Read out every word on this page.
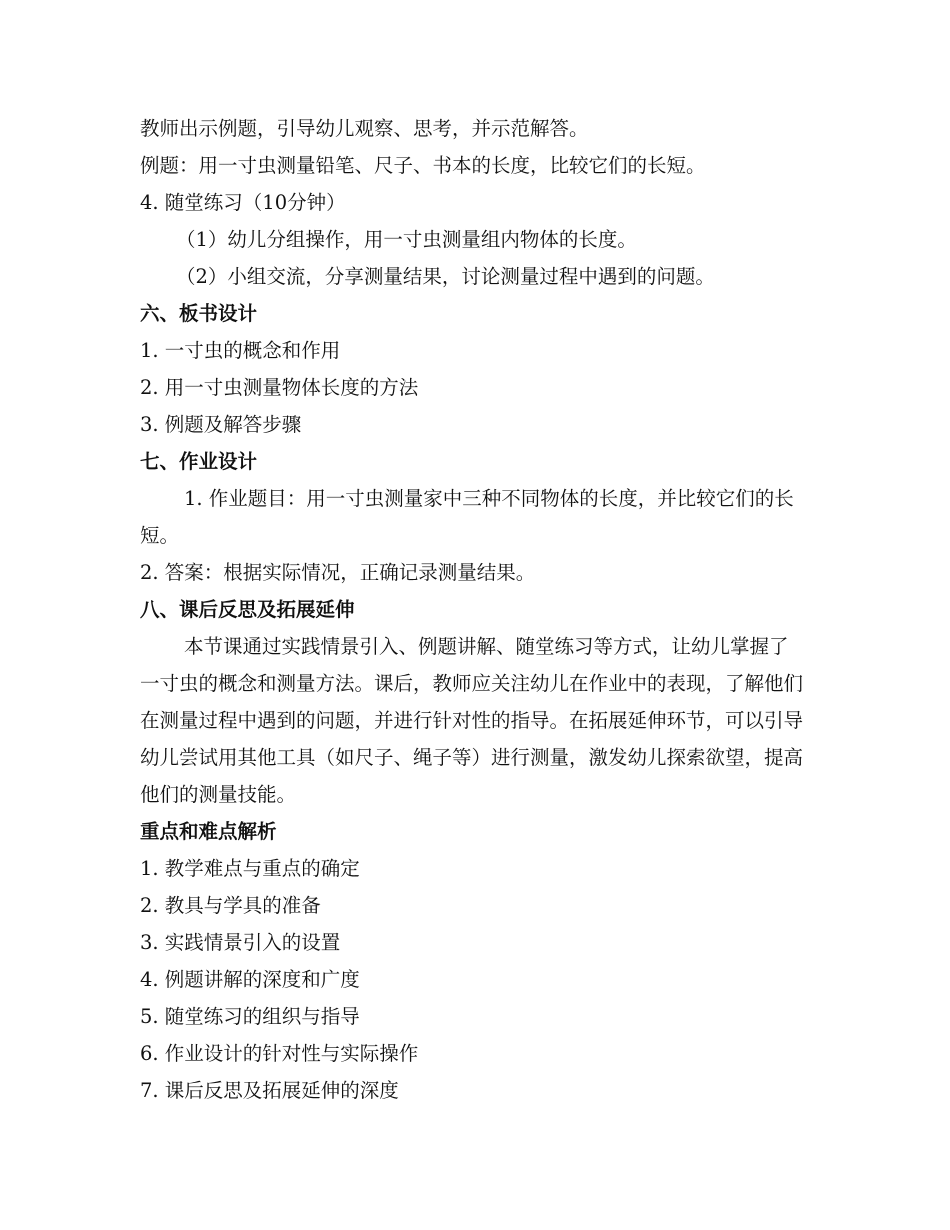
教师出示例题，引导幼儿观察、思考，并示范解答。

例题：用一寸虫测量铅笔、尺子、书本的长度，比较它们的长短。

4. 随堂练习（10分钟）

（1）幼儿分组操作，用一寸虫测量组内物体的长度。

（2）小组交流，分享测量结果，讨论测量过程中遇到的问题。

六、板书设计

1. 一寸虫的概念和作用

2. 用一寸虫测量物体长度的方法

3. 例题及解答步骤

七、作业设计

1. 作业题目：用一寸虫测量家中三种不同物体的长度，并比较它们的长短。

2. 答案：根据实际情况，正确记录测量结果。

八、课后反思及拓展延伸

本节课通过实践情景引入、例题讲解、随堂练习等方式，让幼儿掌握了一寸虫的概念和测量方法。课后，教师应关注幼儿在作业中的表现，了解他们在测量过程中遇到的问题，并进行针对性的指导。在拓展延伸环节，可以引导幼儿尝试用其他工具（如尺子、绳子等）进行测量，激发幼儿探索欲望，提高他们的测量技能。

重点和难点解析

1. 教学难点与重点的确定

2. 教具与学具的准备

3. 实践情景引入的设置

4. 例题讲解的深度和广度

5. 随堂练习的组织与指导

6. 作业设计的针对性与实际操作

7. 课后反思及拓展延伸的深度
